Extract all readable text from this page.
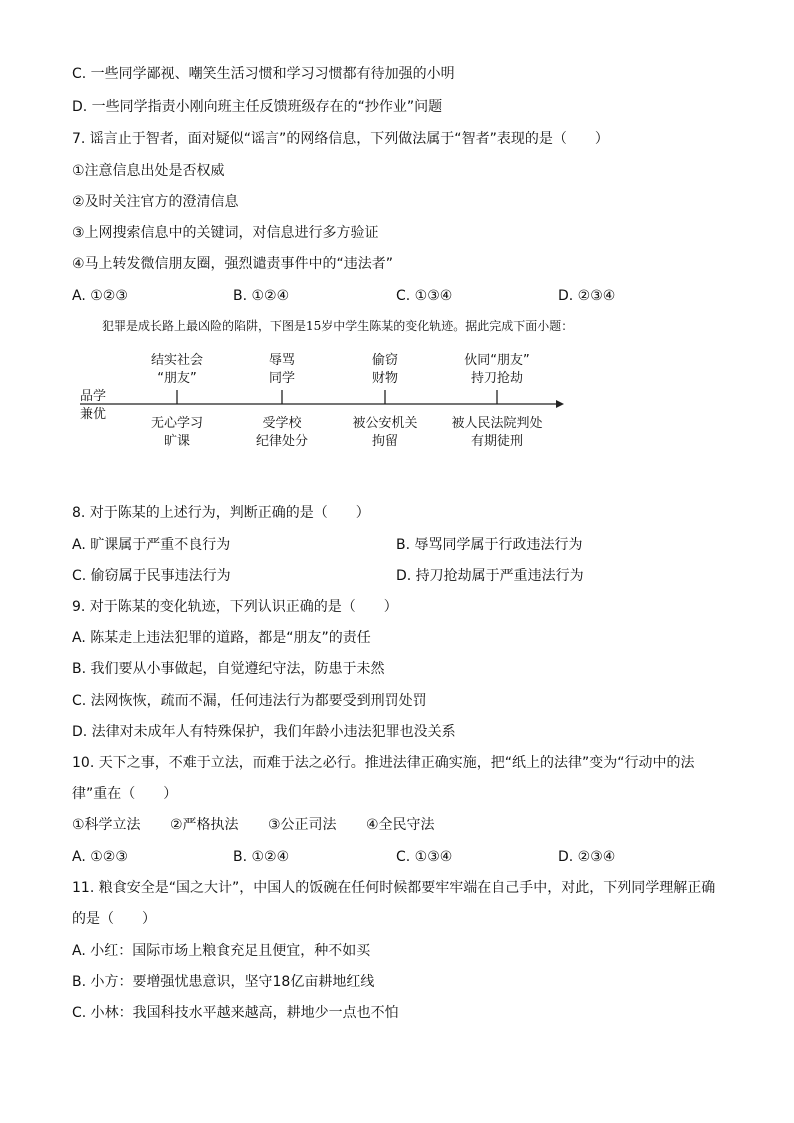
C. 一些同学鄙视、嘲笑生活习惯和学习习惯都有待加强的小明
D. 一些同学指责小刚向班主任反馈班级存在的“抄作业”问题
7. 谣言止于智者，面对疑似“谣言”的网络信息，下列做法属于“智者”表现的是（　　）
①注意信息出处是否权威
②及时关注官方的澄清信息
③上网搜索信息中的关键词，对信息进行多方验证
④马上转发微信朋友圈，强烈谴责事件中的“违法者”
A. ①②③	B. ①②④	C. ①③④	D. ②③④
犯罪是成长路上最凶险的陷阱，下图是15岁中学生陈某的变化轨迹。据此完成下面小题：
品学
兼优
结实社会
“朋友”
辱骂
同学
偷窃
财物
伙同“朋友”
持刀抢劫
无心学习
旷课
受学校
纪律处分
被公安机关
拘留
被人民法院判处
有期徒刑
8. 对于陈某的上述行为，判断正确的是（　　）
A. 旷课属于严重不良行为	B. 辱骂同学属于行政违法行为
C. 偷窃属于民事违法行为	D. 持刀抢劫属于严重违法行为
9. 对于陈某的变化轨迹，下列认识正确的是（　　）
A. 陈某走上违法犯罪的道路，都是“朋友”的责任
B. 我们要从小事做起，自觉遵纪守法，防患于未然
C. 法网恢恢，疏而不漏，任何违法行为都要受到刑罚处罚
D. 法律对未成年人有特殊保护，我们年龄小违法犯罪也没关系
10. 天下之事，不难于立法，而难于法之必行。推进法律正确实施，把“纸上的法律”变为“行动中的法
律”重在（　　）
①科学立法 ②严格执法 ③公正司法 ④全民守法
A. ①②③	B. ①②④	C. ①③④	D. ②③④
11. 粮食安全是“国之大计”，中国人的饭碗在任何时候都要牢牢端在自己手中，对此，下列同学理解正确
的是（　　）
A. 小红：国际市场上粮食充足且便宜，种不如买
B. 小方：要增强忧患意识，坚守18亿亩耕地红线
C. 小林：我国科技水平越来越高，耕地少一点也不怕
